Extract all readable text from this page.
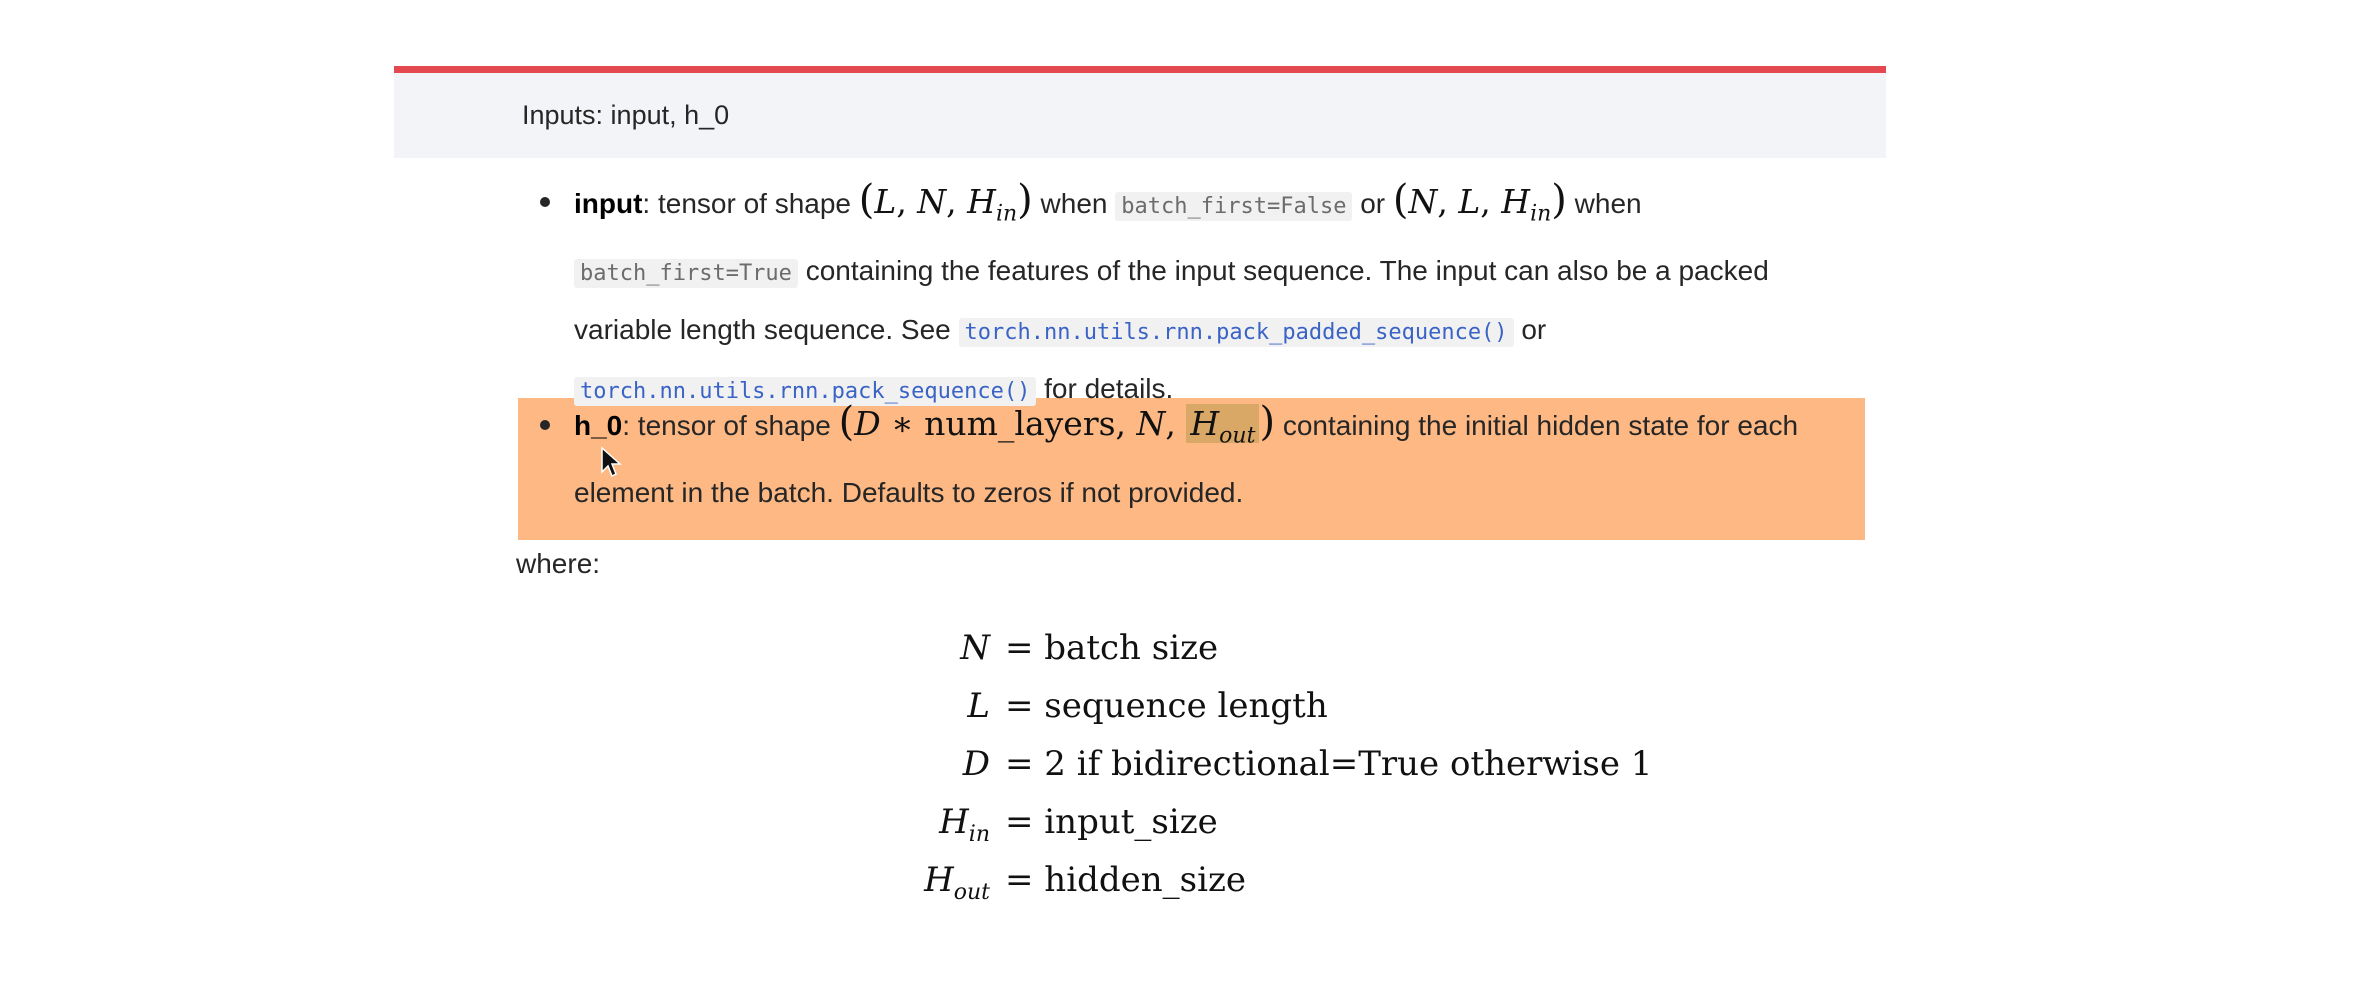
Inputs: input, h_0
input: tensor of shape (L, N, $H_{in}$) when batch_first=False or (N, L, $H_{in}$) when
batch_first=True containing the features of the input sequence. The input can also be a packed
variable length sequence. See torch.nn.utils.rnn.pack_padded_sequence() or
torch.nn.utils.rnn.pack_sequence() for details.
h_0: tensor of shape (D ∗ num_layers, N, $H_{out}$ ) containing the initial hidden state for each
element in the batch. Defaults to zeros if not provided.
where:
N = batch size
L = sequence length
D = 2 if bidirectional=True otherwise 1
$H_{in}$ = input_size
$H_{out}$ = hidden_size
